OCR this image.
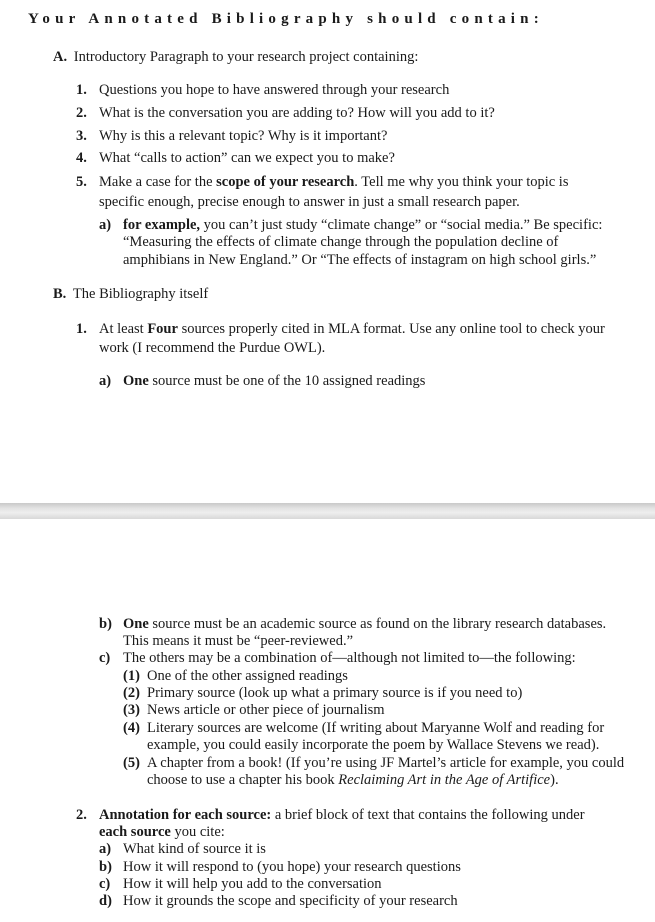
Your Annotated Bibliography should contain:
A. Introductory Paragraph to your research project containing:
1. Questions you hope to have answered through your research
2. What is the conversation you are adding to? How will you add to it?
3. Why is this a relevant topic? Why is it important?
4. What “calls to action” can we expect you to make?
5. Make a case for the scope of your research. Tell me why you think your topic is
specific enough, precise enough to answer in just a small research paper.
a) for example, you can’t just study “climate change” or “social media.” Be specific:
“Measuring the effects of climate change through the population decline of
amphibians in New England.” Or “The effects of instagram on high school girls.”
B. The Bibliography itself
1. At least Four sources properly cited in MLA format. Use any online tool to check your
work (I recommend the Purdue OWL).
a) One source must be one of the 10 assigned readings
b) One source must be an academic source as found on the library research databases.
This means it must be “peer-reviewed.”
c) The others may be a combination of—although not limited to—the following:
(1) One of the other assigned readings
(2) Primary source (look up what a primary source is if you need to)
(3) News article or other piece of journalism
(4) Literary sources are welcome (If writing about Maryanne Wolf and reading for
example, you could easily incorporate the poem by Wallace Stevens we read).
(5) A chapter from a book! (If you’re using JF Martel’s article for example, you could
choose to use a chapter his book Reclaiming Art in the Age of Artifice).
2. Annotation for each source: a brief block of text that contains the following under
each source you cite:
a) What kind of source it is
b) How it will respond to (you hope) your research questions
c) How it will help you add to the conversation
d) How it grounds the scope and specificity of your research
